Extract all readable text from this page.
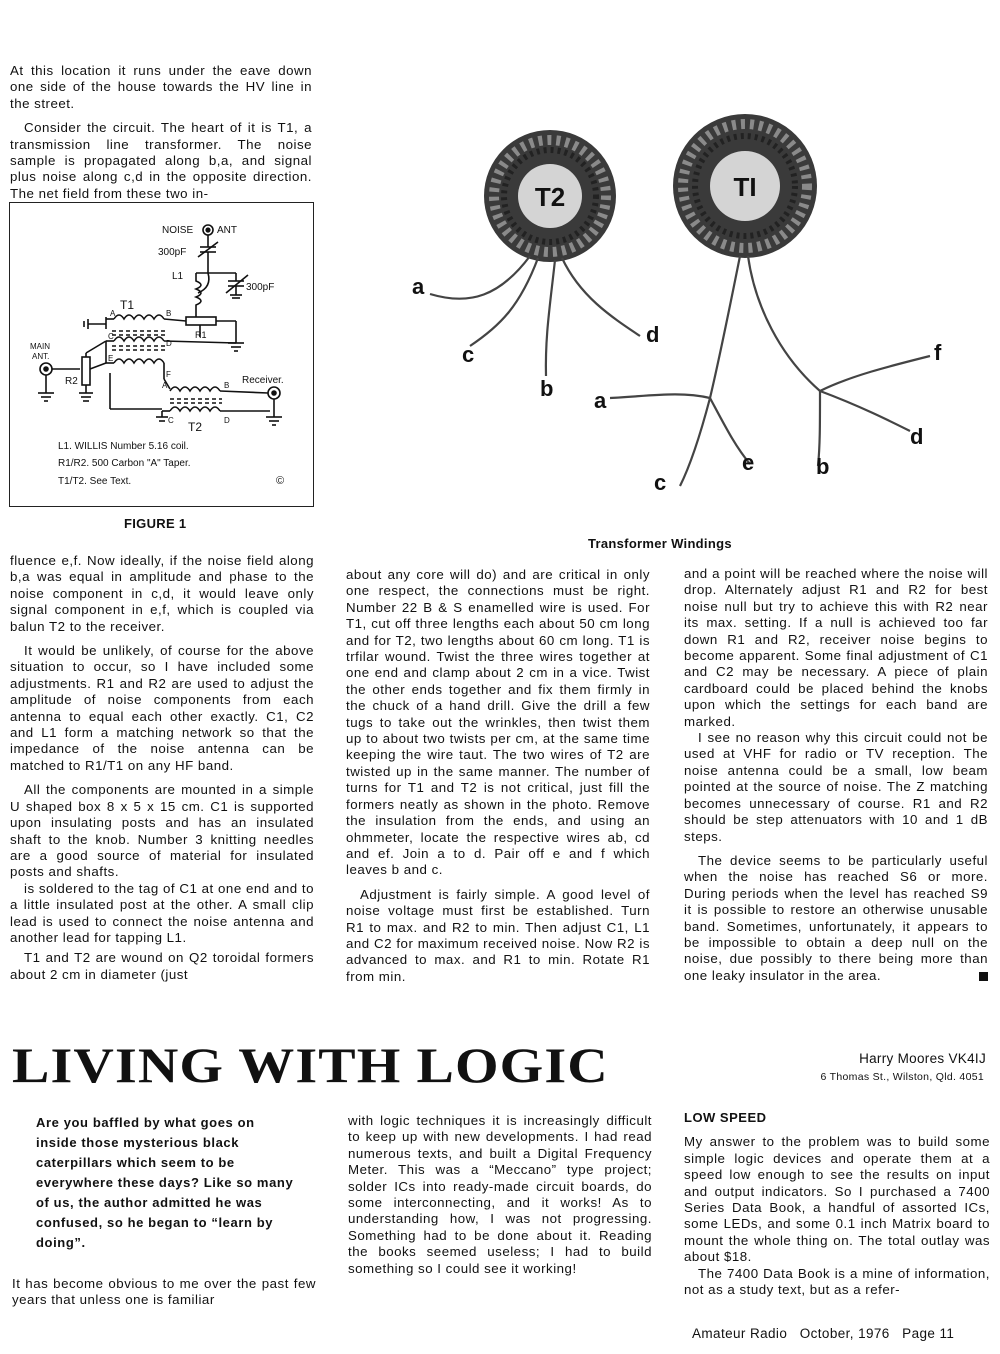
At this location it runs under the eave down one side of the house towards the HV line in the street.

Consider the circuit. The heart of it is T1, a transmission line transformer. The noise sample is propagated along b,a, and signal plus noise along c,d in the opposite direction. The net field from these two in-

NOISE ANT
300pF
300pF
L1
T1
R1
R2
MAIN
ANT.
Receiver.
A	B
C
D
E
F
A	B
C	D
T2
L1. WILLIS Number 5.16 coil.
R1/R2. 500 Carbon "A" Taper.
T1/T2. See Text.	©
FIGURE 1
T2	TI
a
c
b
d
a
c
e	b
d
f
Transformer Windings

fluence e,f. Now ideally, if the noise field along b,a was equal in amplitude and phase to the noise component in c,d, it would leave only signal component in e,f, which is coupled via balun T2 to the receiver.

It would be unlikely, of course for the above situation to occur, so I have included some adjustments. R1 and R2 are used to adjust the amplitude of noise components from each antenna to equal each other exactly. C1, C2 and L1 form a matching network so that the impedance of the noise antenna can be matched to R1/T1 on any HF band.

All the components are mounted in a simple U shaped box 8 x 5 x 15 cm. C1 is supported upon insulating posts and has an insulated shaft to the knob. Number 3 knitting needles are a good source of material for insulated posts and shafts.

is soldered to the tag of C1 at one end and to a little insulated post at the other. A small clip lead is used to connect the noise antenna and another lead for tapping L1.

T1 and T2 are wound on Q2 toroidal formers about 2 cm in diameter (just

about any core will do) and are critical in only one respect, the connections must be right. Number 22 B & S enamelled wire is used. For T1, cut off three lengths each about 50 cm long and for T2, two lengths about 60 cm long. T1 is trfilar wound. Twist the three wires together at one end and clamp about 2 cm in a vice. Twist the other ends together and fix them firmly in the chuck of a hand drill. Give the drill a few tugs to take out the wrinkles, then twist them up to about two twists per cm, at the same time keeping the wire taut. The two wires of T2 are twisted up in the same manner. The number of turns for T1 and T2 is not critical, just fill the formers neatly as shown in the photo. Remove the insulation from the ends, and using an ohmmeter, locate the respective wires ab, cd and ef. Join a to d. Pair off e and f which leaves b and c.

Adjustment is fairly simple. A good level of noise voltage must first be established. Turn R1 to max. and R2 to min. Then adjust C1, L1 and C2 for maximum received noise. Now R2 is advanced to max. and R1 to min. Rotate R1 from min.

and a point will be reached where the noise will drop. Alternately adjust R1 and R2 for best noise null but try to achieve this with R2 near its max. setting. If a null is achieved too far down R1 and R2, receiver noise begins to become apparent. Some final adjustment of C1 and C2 may be necessary. A piece of plain cardboard could be placed behind the knobs upon which the settings for each band are marked.

I see no reason why this circuit could not be used at VHF for radio or TV reception. The noise antenna could be a small, low beam pointed at the source of noise. The Z matching becomes unnecessary of course. R1 and R2 should be step attenuators with 10 and 1 dB steps.

The device seems to be particularly useful when the noise has reached S6 or more. During periods when the level has reached S9 it is possible to restore an otherwise unusable band. Sometimes, unfortunately, it appears to be impossible to obtain a deep null on the noise, due possibly to there being more than one leaky insulator in the area.

LIVING WITH LOGIC	Harry Moores VK4IJ
6 Thomas St., Wilston, Qld. 4051
Are you baffled by what goes on inside those mysterious black caterpillars which seem to be everywhere these days? Like so many of us, the author admitted he was confused, so he began to “learn by doing”.

It has become obvious to me over the past few years that unless one is familiar

with logic techniques it is increasingly difficult to keep up with new developments. I had read numerous texts, and built a Digital Frequency Meter. This was a “Meccano” type project; solder ICs into ready-made circuit boards, do some interconnecting, and it works! As to understanding how, I was not progressing. Something had to be done about it. Reading the books seemed useless; I had to build something so I could see it working!

LOW SPEED

My answer to the problem was to build some simple logic devices and operate them at a speed low enough to see the results on input and output indicators. So I purchased a 7400 Series Data Book, a handful of assorted ICs, some LEDs, and some 0.1 inch Matrix board to mount the whole thing on. The total outlay was about $18.

The 7400 Data Book is a mine of information, not as a study text, but as a refer-

Amateur Radio October, 1976 Page 11
